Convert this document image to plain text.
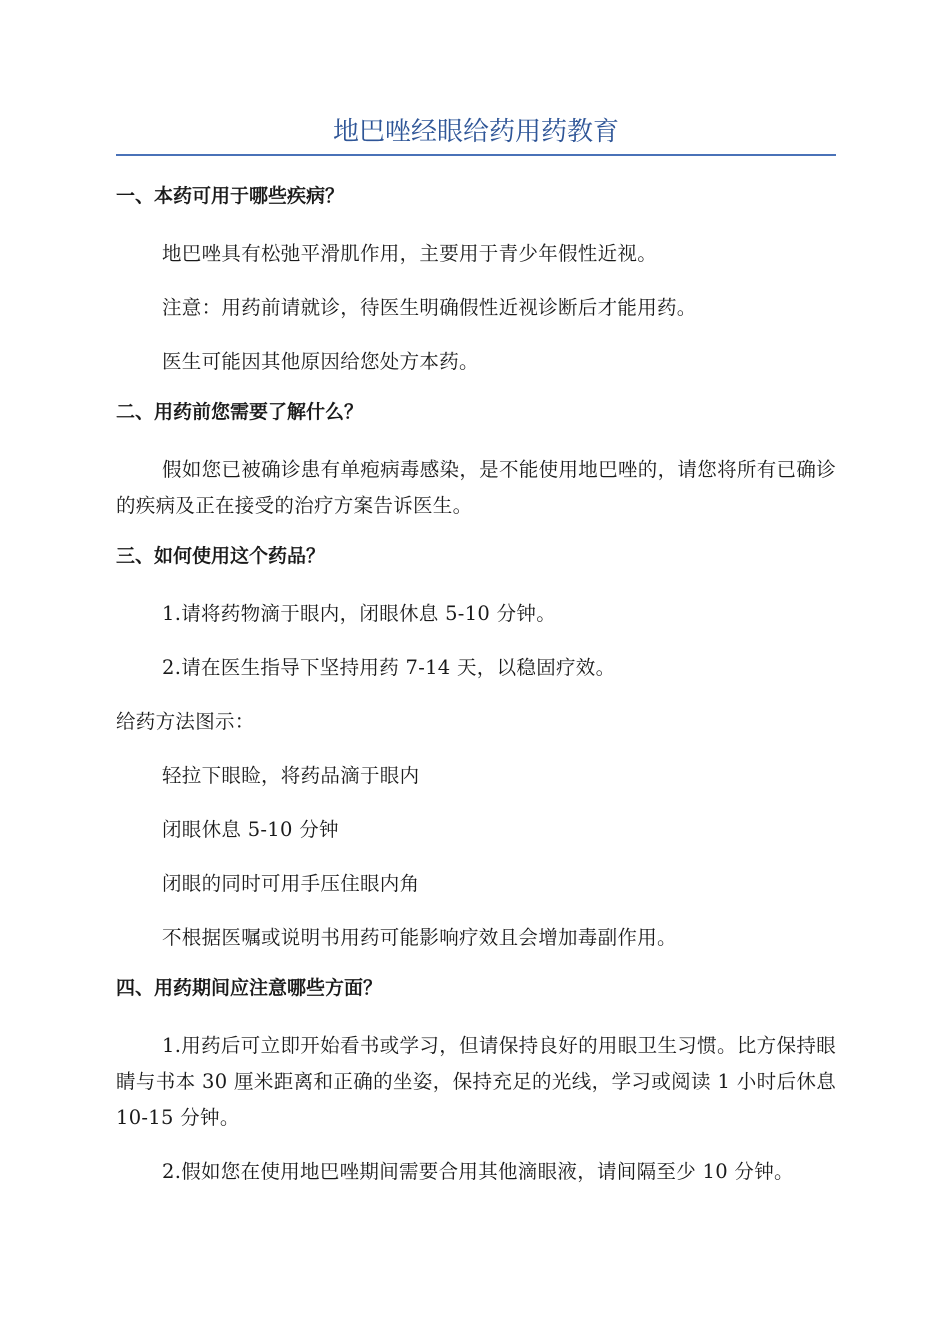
地巴唑经眼给药用药教育
一、本药可用于哪些疾病？

地巴唑具有松弛平滑肌作用，主要用于青少年假性近视。

注意：用药前请就诊，待医生明确假性近视诊断后才能用药。

医生可能因其他原因给您处方本药。

二、用药前您需要了解什么？

假如您已被确诊患有单疱病毒感染，是不能使用地巴唑的，请您将所有已确诊的疾病及正在接受的治疗方案告诉医生。

三、如何使用这个药品？

1.请将药物滴于眼内，闭眼休息 5-10 分钟。

2.请在医生指导下坚持用药 7-14 天，以稳固疗效。

给药方法图示：

轻拉下眼睑，将药品滴于眼内

闭眼休息 5-10 分钟

闭眼的同时可用手压住眼内角

不根据医嘱或说明书用药可能影响疗效且会增加毒副作用。

四、用药期间应注意哪些方面？

1.用药后可立即开始看书或学习，但请保持良好的用眼卫生习惯。比方保持眼睛与书本 30 厘米距离和正确的坐姿，保持充足的光线，学习或阅读 1 小时后休息 10-15 分钟。

2.假如您在使用地巴唑期间需要合用其他滴眼液，请间隔至少 10 分钟。
